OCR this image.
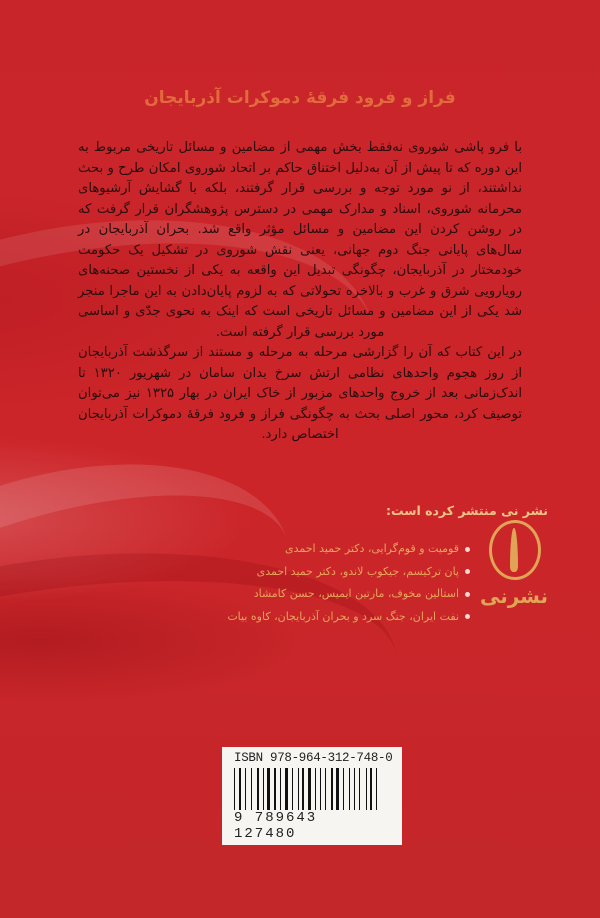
فراز و فرود فرقهٔ دموکرات آذربایجان

با فرو پاشی شوروی نه‌فقط بخش مهمی از مضامین و مسائل تاریخی مربوط به این دوره که تا پیش از آن به‌دلیل اختناق حاکم بر اتحاد شوروی امکان طرح و بحث نداشتند، از نو مورد توجه و بررسی قرار گرفتند، بلکه با گشایش آرشیوهای محرمانه شوروی، اسناد و مدارک مهمی در دسترس پژوهشگران قرار گرفت که در روشن کردن این مضامین و مسائل مؤثر واقع شد. بحران آذربایجان در سال‌های پایانی جنگ دوم جهانی، یعنی نقش شوروی در تشکیل یک حکومت خودمختار در آذربایجان، چگونگی تبدیل این واقعه به یکی از نخستین صحنه‌های رویارویی شرق و غرب و بالاخره تحولاتی که به لزوم پایان‌دادن به این ماجرا منجر شد یکی از این مضامین و مسائل تاریخی است که اینک به نحوی جدّی و اساسی مورد بررسی قرار گرفته است.

در این کتاب که آن را گزارشی مرحله به مرحله و مستند از سرگذشت آذربایجان از روز هجوم واحدهای نظامی ارتش سرخ بدان سامان در شهریور ۱۳۲۰ تا اندک‌زمانی بعد از خروج واحدهای مزبور از خاک ایران در بهار ۱۳۲۵ نیز می‌توان توصیف کرد، محور اصلی بحث به چگونگی فراز و فرود فرقهٔ دموکرات آذربایجان اختصاص دارد.

نشر نی منتشر کرده است:
نشرنی
قومیت و قوم‌گرایی، دکتر حمید احمدی
پان ترکیسم، جیکوب لاندو، دکتر حمید احمدی
استالین مخوف، مارتین ایمیس، حسن کامشاد
نفت ایران، جنگ سرد و بحران آذربایجان، کاوه بیات
ISBN 978-964-312-748-0
9 789643 127480
